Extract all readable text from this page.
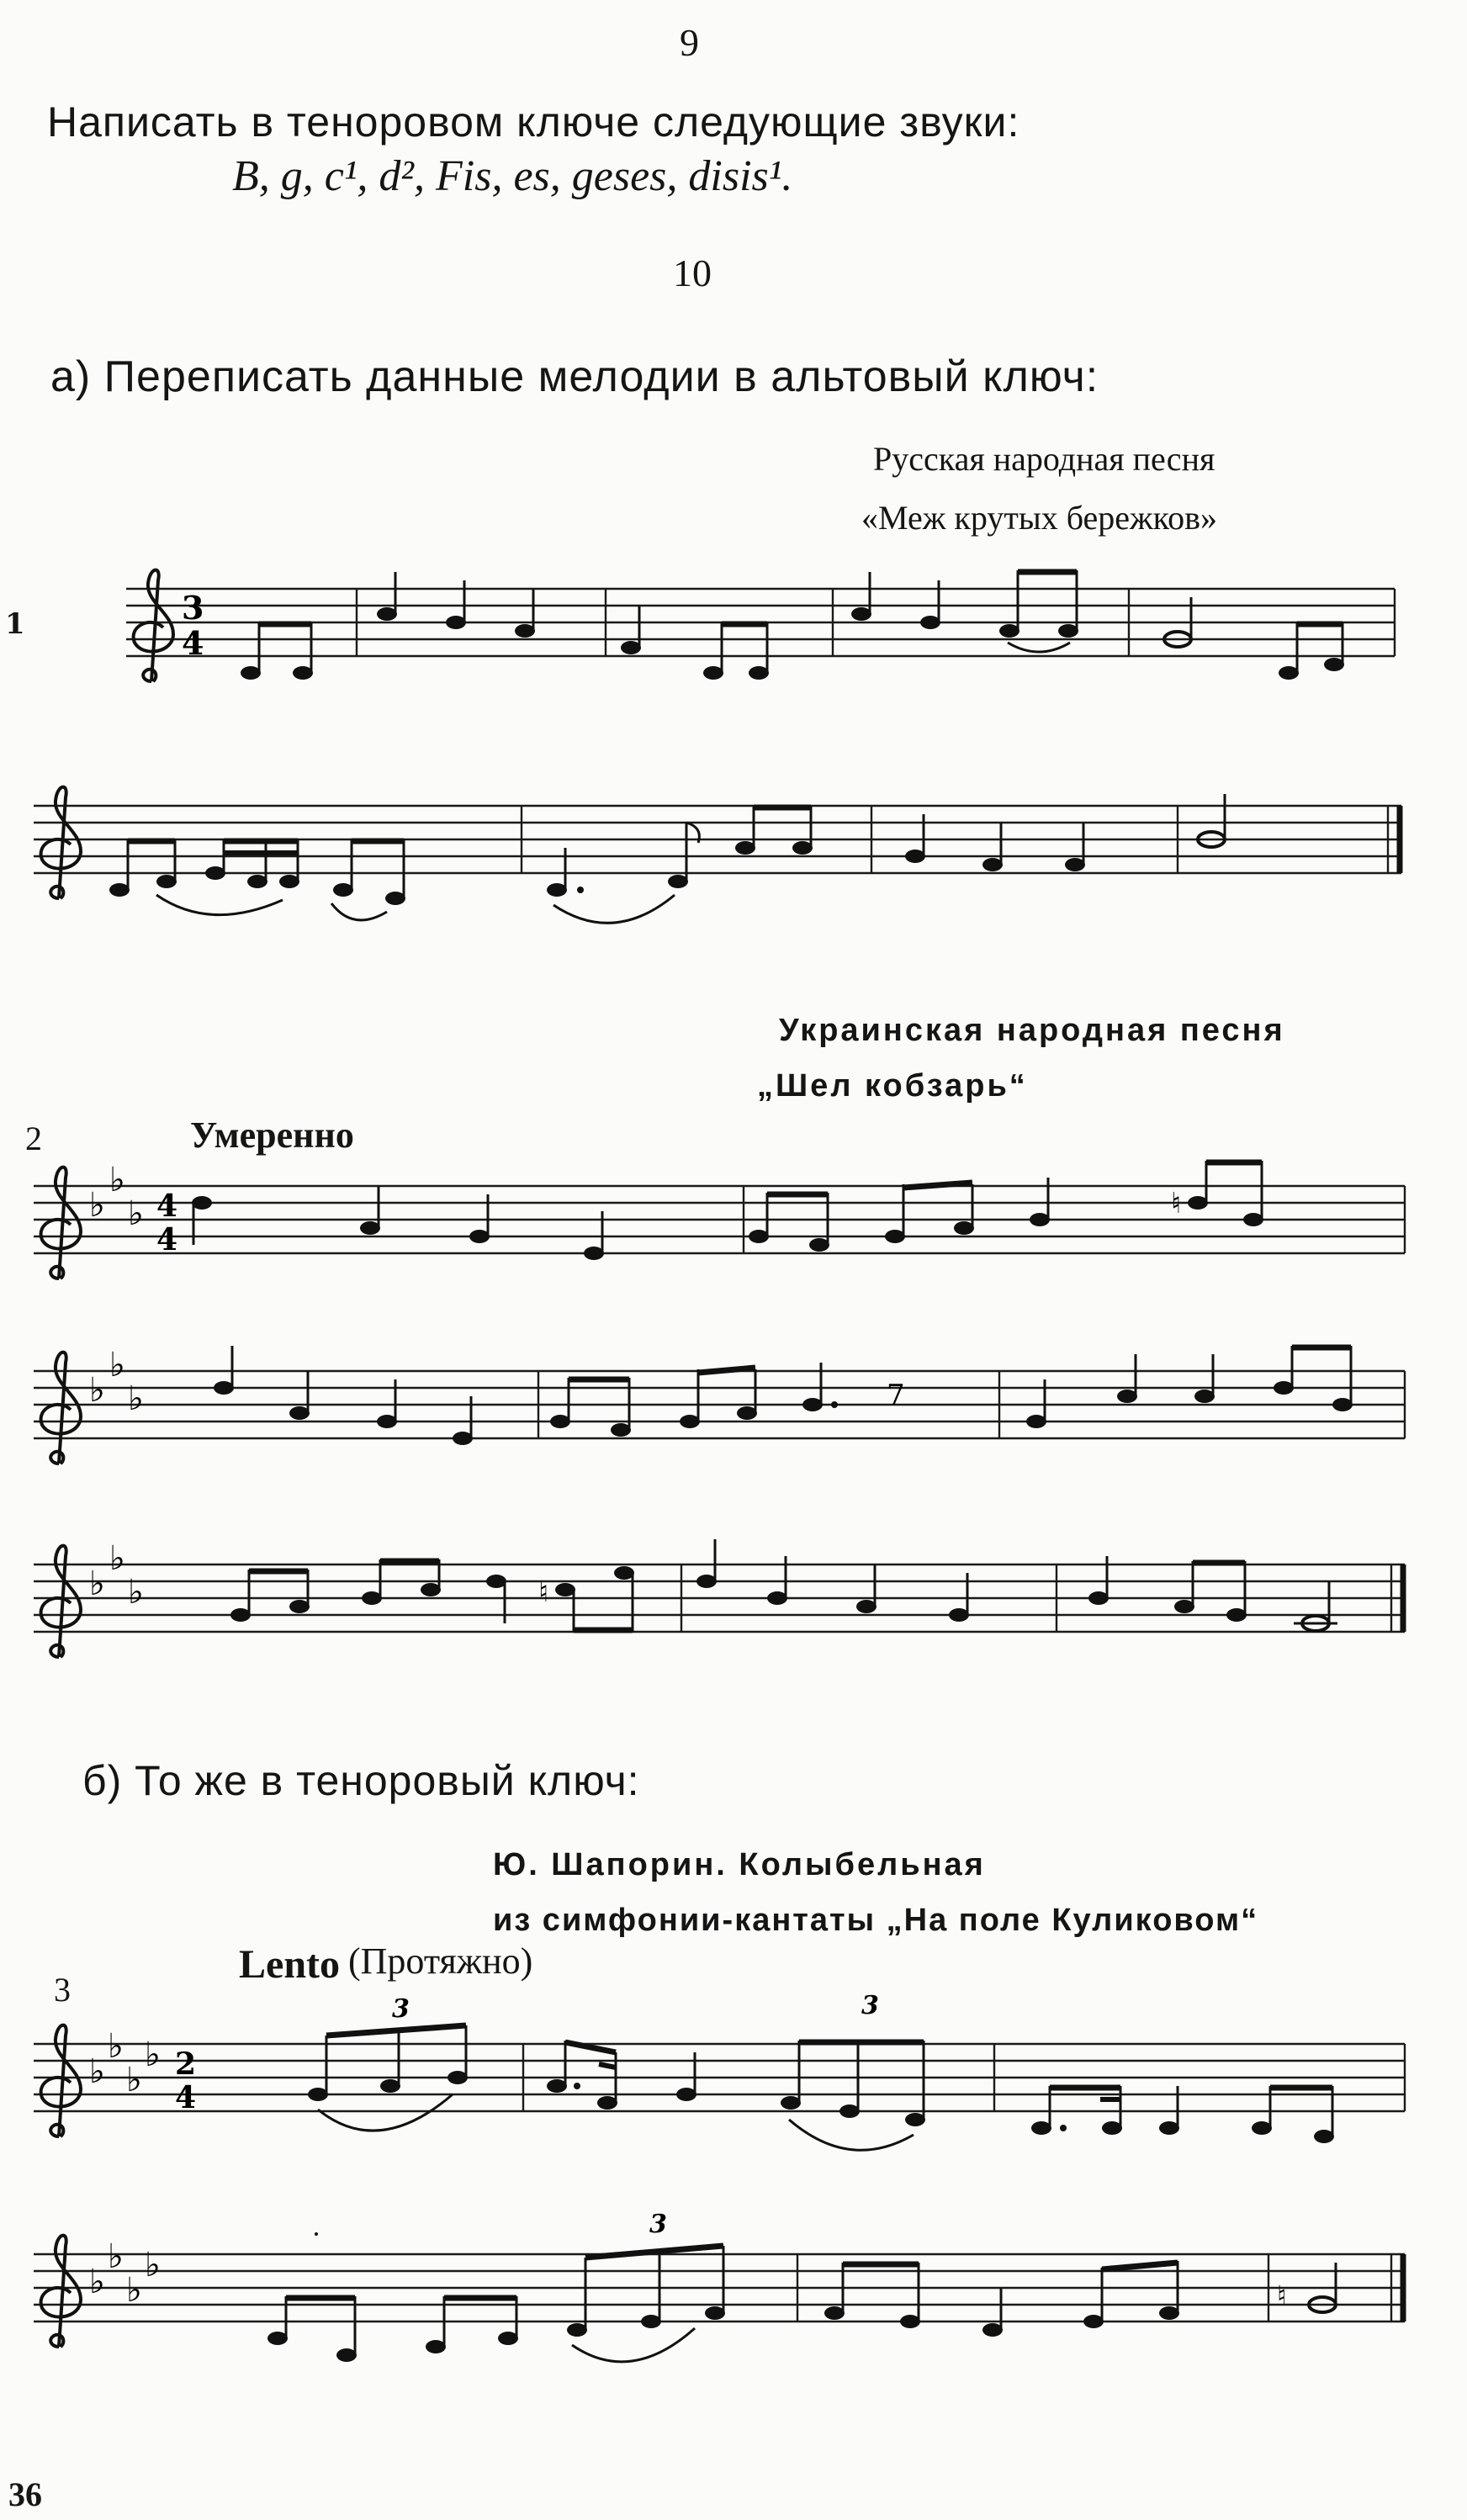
9
Написать в теноровом ключе следующие звуки:
B, g, c¹, d², Fis, es, geses, disis¹.
10
а) Переписать данные мелодии в альтовый ключ:
Русская народная песня
«Меж крутых бережков»
1	3
4
Украинская народная песня
„Шел кобзарь“
2	Умеренно
♭
♭
♭ 4
4
♮
♭
♭
♭	7
♭
♭
♭	♮
б) То же в теноровый ключ:
Ю. Шапорин. Колыбельная
из симфонии-кантаты „На поле Куликовом“
3
Lento (Протяжно)
♭
♭
♭
♭ 2
4
3	3
♭
♭
♭
♭
3
♮
36
